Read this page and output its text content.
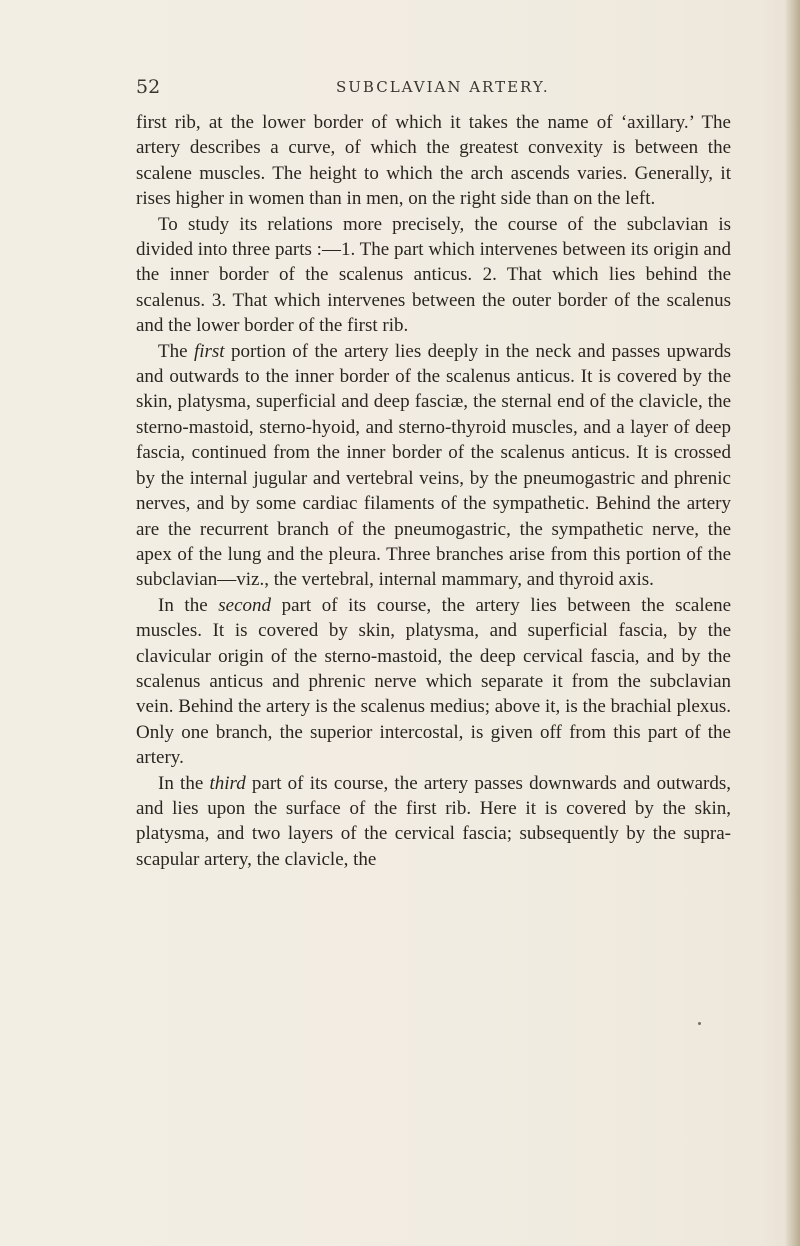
52	SUBCLAVIAN ARTERY.

first rib, at the lower border of which it takes the name of ‘axillary.’ The artery describes a curve, of which the greatest convexity is between the scalene muscles. The height to which the arch ascends varies. Generally, it rises higher in women than in men, on the right side than on the left.

To study its relations more precisely, the course of the subclavian is divided into three parts :—1. The part which intervenes between its origin and the inner border of the scalenus anticus. 2. That which lies behind the scalenus. 3. That which intervenes between the outer border of the scalenus and the lower border of the first rib.

The first portion of the artery lies deeply in the neck and passes upwards and outwards to the inner border of the scalenus anticus. It is covered by the skin, platysma, superficial and deep fasciæ, the sternal end of the clavicle, the sterno-mastoid, sterno-hyoid, and sterno-thyroid muscles, and a layer of deep fascia, continued from the inner border of the scalenus anticus. It is crossed by the internal jugular and vertebral veins, by the pneumogastric and phrenic nerves, and by some cardiac filaments of the sympathetic. Behind the artery are the recurrent branch of the pneumogastric, the sympathetic nerve, the apex of the lung and the pleura. Three branches arise from this portion of the subclavian—viz., the vertebral, internal mammary, and thyroid axis.

In the second part of its course, the artery lies between the scalene muscles. It is covered by skin, platysma, and superficial fascia, by the clavicular origin of the sterno-mastoid, the deep cervical fascia, and by the scalenus anticus and phrenic nerve which separate it from the subclavian vein. Behind the artery is the scalenus medius; above it, is the brachial plexus. Only one branch, the superior intercostal, is given off from this part of the artery.

In the third part of its course, the artery passes downwards and outwards, and lies upon the surface of the first rib. Here it is covered by the skin, platysma, and two layers of the cervical fascia; subsequently by the supra-scapular artery, the clavicle, the
